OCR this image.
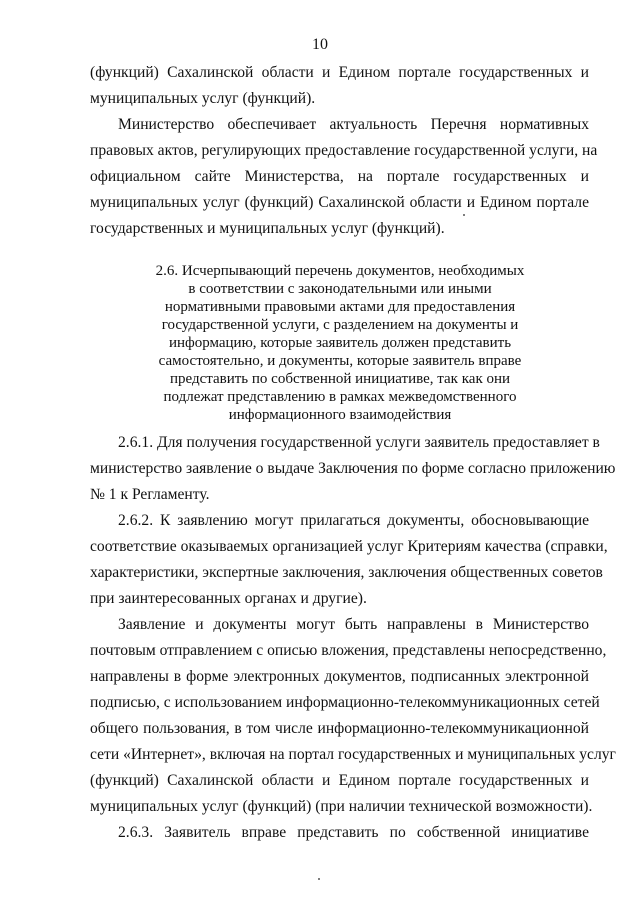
10
(функций) Сахалинской области и Едином портале государственных и
муниципальных услуг (функций).
Министерство обеспечивает актуальность Перечня нормативных
правовых актов, регулирующих предоставление государственной услуги, на
официальном сайте Министерства, на портале государственных и
муниципальных услуг (функций) Сахалинской области и Едином портале
государственных и муниципальных услуг (функций).
2.6. Исчерпывающий перечень документов, необходимых
в соответствии с законодательными или иными
нормативными правовыми актами для предоставления
государственной услуги, с разделением на документы и
информацию, которые заявитель должен представить
самостоятельно, и документы, которые заявитель вправе
представить по собственной инициативе, так как они
подлежат представлению в рамках межведомственного
информационного взаимодействия
2.6.1. Для получения государственной услуги заявитель предоставляет в
министерство заявление о выдаче Заключения по форме согласно приложению
№ 1 к Регламенту.
2.6.2. К заявлению могут прилагаться документы, обосновывающие
соответствие оказываемых организацией услуг Критериям качества (справки,
характеристики, экспертные заключения, заключения общественных советов
при заинтересованных органах и другие).
Заявление и документы могут быть направлены в Министерство
почтовым отправлением с описью вложения, представлены непосредственно,
направлены в форме электронных документов, подписанных электронной
подписью, с использованием информационно-телекоммуникационных сетей
общего пользования, в том числе информационно-телекоммуникационной
сети «Интернет», включая на портал государственных и муниципальных услуг
(функций) Сахалинской области и Едином портале государственных и
муниципальных услуг (функций) (при наличии технической возможности).
2.6.3. Заявитель вправе представить по собственной инициативе
